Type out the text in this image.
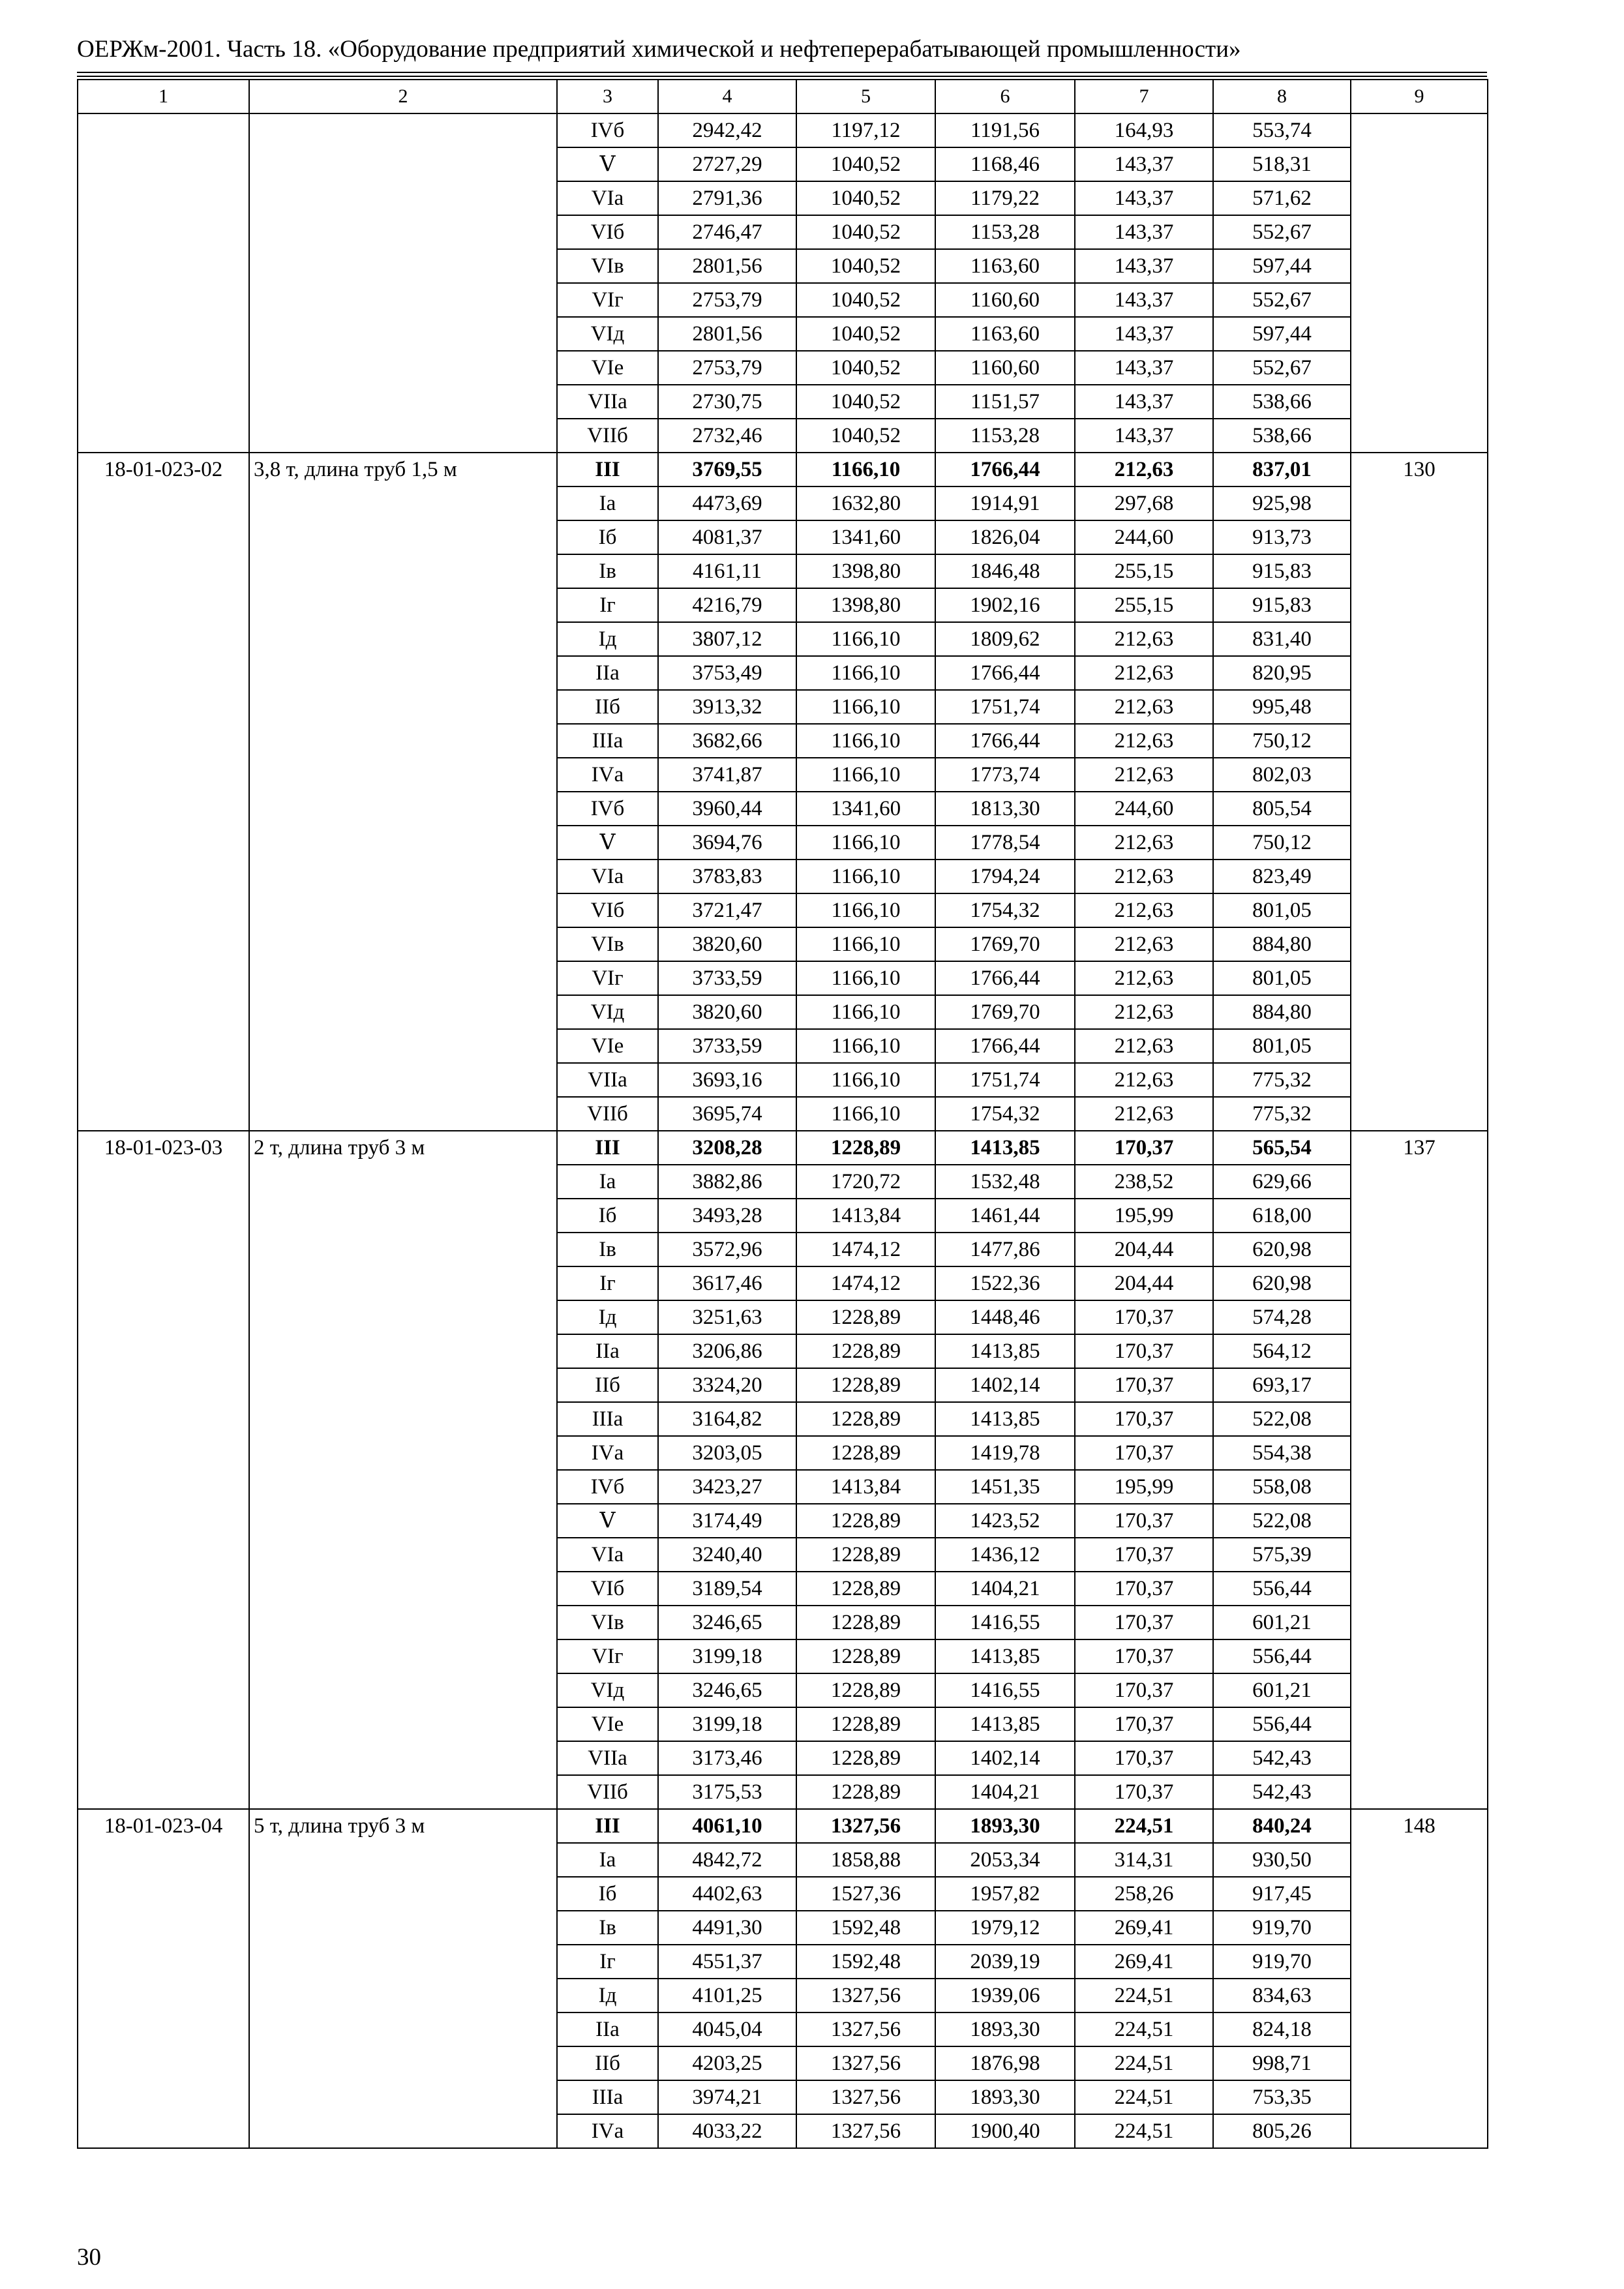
ОЕРЖм-2001. Часть 18. «Оборудование предприятий химической и нефтеперерабатывающей промышленности»
1	2	3	4	5	6	7	8	9
		IVб	2942,42	1197,12	1191,56	164,93	553,74	
		Ⅴ	2727,29	1040,52	1168,46	143,37	518,31	
		VIа	2791,36	1040,52	1179,22	143,37	571,62	
		VIб	2746,47	1040,52	1153,28	143,37	552,67	
		VIв	2801,56	1040,52	1163,60	143,37	597,44	
		VIг	2753,79	1040,52	1160,60	143,37	552,67	
		VIд	2801,56	1040,52	1163,60	143,37	597,44	
		VIе	2753,79	1040,52	1160,60	143,37	552,67	
		VIIа	2730,75	1040,52	1151,57	143,37	538,66	
		VIIб	2732,46	1040,52	1153,28	143,37	538,66	
18-01-023-02	3,8 т, длина труб 1,5 м	III	3769,55	1166,10	1766,44	212,63	837,01	130
		Iа	4473,69	1632,80	1914,91	297,68	925,98	
		Iб	4081,37	1341,60	1826,04	244,60	913,73	
		Iв	4161,11	1398,80	1846,48	255,15	915,83	
		Iг	4216,79	1398,80	1902,16	255,15	915,83	
		Iд	3807,12	1166,10	1809,62	212,63	831,40	
		IIа	3753,49	1166,10	1766,44	212,63	820,95	
		IIб	3913,32	1166,10	1751,74	212,63	995,48	
		IIIа	3682,66	1166,10	1766,44	212,63	750,12	
		IVа	3741,87	1166,10	1773,74	212,63	802,03	
		IVб	3960,44	1341,60	1813,30	244,60	805,54	
		Ⅴ	3694,76	1166,10	1778,54	212,63	750,12	
		VIа	3783,83	1166,10	1794,24	212,63	823,49	
		VIб	3721,47	1166,10	1754,32	212,63	801,05	
		VIв	3820,60	1166,10	1769,70	212,63	884,80	
		VIг	3733,59	1166,10	1766,44	212,63	801,05	
		VIд	3820,60	1166,10	1769,70	212,63	884,80	
		VIе	3733,59	1166,10	1766,44	212,63	801,05	
		VIIа	3693,16	1166,10	1751,74	212,63	775,32	
		VIIб	3695,74	1166,10	1754,32	212,63	775,32	
18-01-023-03	2 т, длина труб 3 м	III	3208,28	1228,89	1413,85	170,37	565,54	137
		Iа	3882,86	1720,72	1532,48	238,52	629,66	
		Iб	3493,28	1413,84	1461,44	195,99	618,00	
		Iв	3572,96	1474,12	1477,86	204,44	620,98	
		Iг	3617,46	1474,12	1522,36	204,44	620,98	
		Iд	3251,63	1228,89	1448,46	170,37	574,28	
		IIа	3206,86	1228,89	1413,85	170,37	564,12	
		IIб	3324,20	1228,89	1402,14	170,37	693,17	
		IIIа	3164,82	1228,89	1413,85	170,37	522,08	
		IVа	3203,05	1228,89	1419,78	170,37	554,38	
		IVб	3423,27	1413,84	1451,35	195,99	558,08	
		Ⅴ	3174,49	1228,89	1423,52	170,37	522,08	
		VIа	3240,40	1228,89	1436,12	170,37	575,39	
		VIб	3189,54	1228,89	1404,21	170,37	556,44	
		VIв	3246,65	1228,89	1416,55	170,37	601,21	
		VIг	3199,18	1228,89	1413,85	170,37	556,44	
		VIд	3246,65	1228,89	1416,55	170,37	601,21	
		VIе	3199,18	1228,89	1413,85	170,37	556,44	
		VIIа	3173,46	1228,89	1402,14	170,37	542,43	
		VIIб	3175,53	1228,89	1404,21	170,37	542,43	
18-01-023-04	5 т, длина труб 3 м	III	4061,10	1327,56	1893,30	224,51	840,24	148
		Iа	4842,72	1858,88	2053,34	314,31	930,50	
		Iб	4402,63	1527,36	1957,82	258,26	917,45	
		Iв	4491,30	1592,48	1979,12	269,41	919,70	
		Iг	4551,37	1592,48	2039,19	269,41	919,70	
		Iд	4101,25	1327,56	1939,06	224,51	834,63	
		IIа	4045,04	1327,56	1893,30	224,51	824,18	
		IIб	4203,25	1327,56	1876,98	224,51	998,71	
		IIIа	3974,21	1327,56	1893,30	224,51	753,35	
		IVа	4033,22	1327,56	1900,40	224,51	805,26	
30
